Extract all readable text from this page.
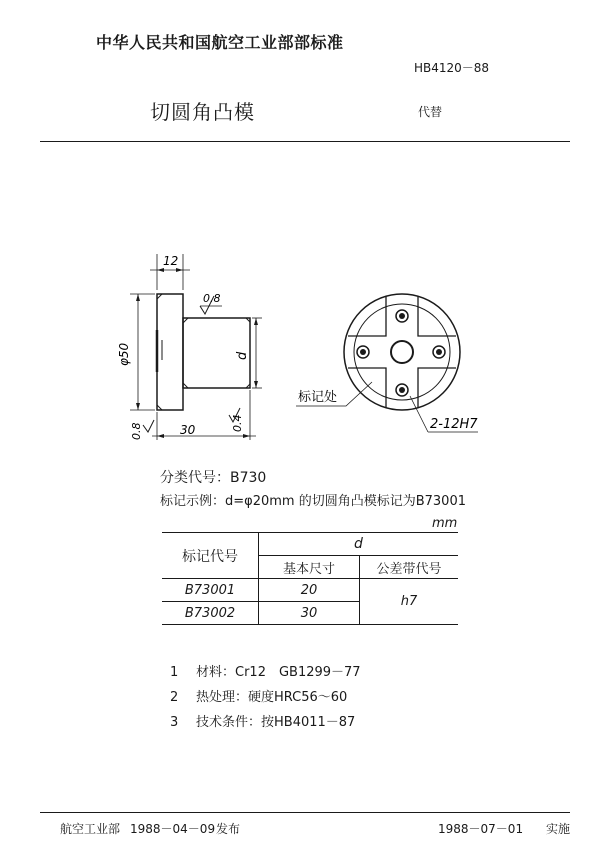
中华人民共和国航空工业部部标准
HB4120－88
切圆角凸模	代替
12
0.8
φ50	d
0.4
0.8	30
标记处
2-12H7
分类代号：B730
标记示例：d=φ20mm 的切圆角凸模标记为B73001
mm
标记代号	d	
	基本尺寸	公差带代号
B73001	20	h7
B73002	30	
1 材料：Cr12　GB1299－77
2 热处理：硬度HRC56～60
3 技术条件：按HB4011－87
航空工业部 1988－04－09 发布	1988－07－01 实施
